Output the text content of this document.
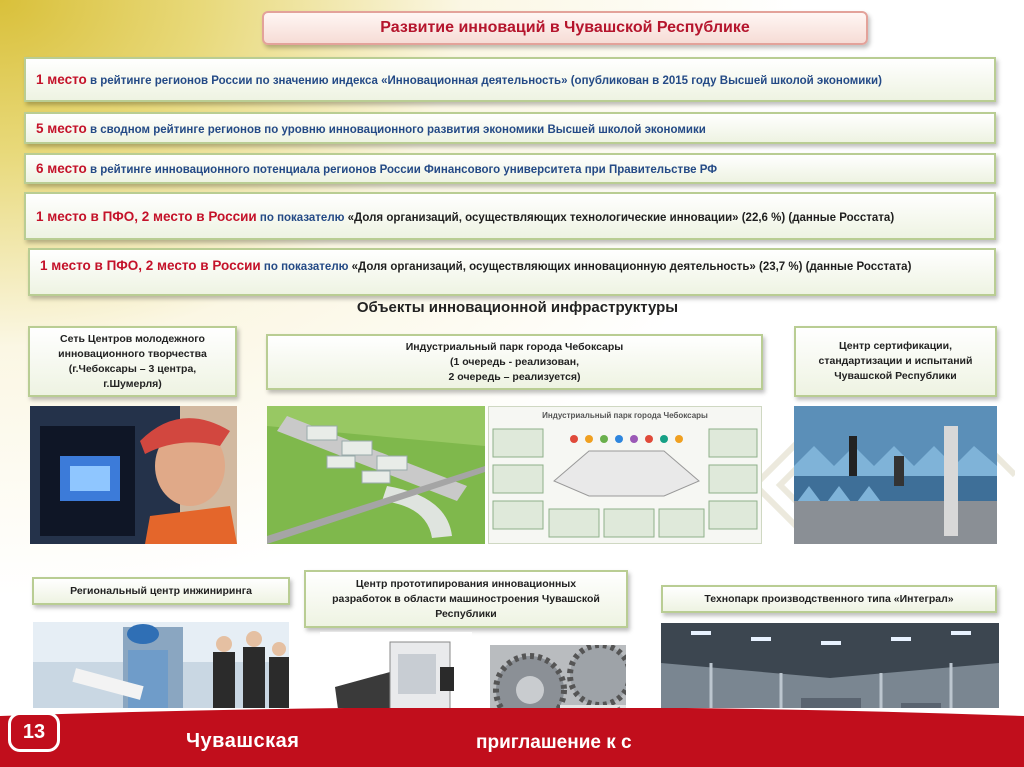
Развитие инноваций в Чувашской Республике
1 место в рейтинге регионов России по значению индекса «Инновационная деятельность» (опубликован в 2015 году Высшей школой экономики)
5 место в сводном рейтинге регионов по уровню инновационного развития экономики Высшей школой экономики
6 место в рейтинге инновационного потенциала регионов России Финансового университета при Правительстве РФ
1 место в ПФО, 2 место в России по показателю «Доля организаций, осуществляющих технологические инновации» (22,6 %) (данные Росстата)
1 место в ПФО, 2 место в России по показателю «Доля организаций, осуществляющих инновационную деятельность» (23,7 %) (данные Росстата)
Объекты инновационной инфраструктуры
Сеть Центров молодежного
инновационного творчества
(г.Чебоксары – 3 центра,
г.Шумерля)
Индустриальный парк города Чебоксары
(1 очередь - реализован,
2 очередь – реализуется)
Центр сертификации,
стандартизации и испытаний
Чувашской Республики
Региональный центр инжиниринга
Центр прототипирования инновационных
разработок в области машиностроения Чувашской
Республики
Технопарк производственного типа «Интеграл»
Индустриальный парк города Чебоксары
13	Чувашская	приглашение к с
